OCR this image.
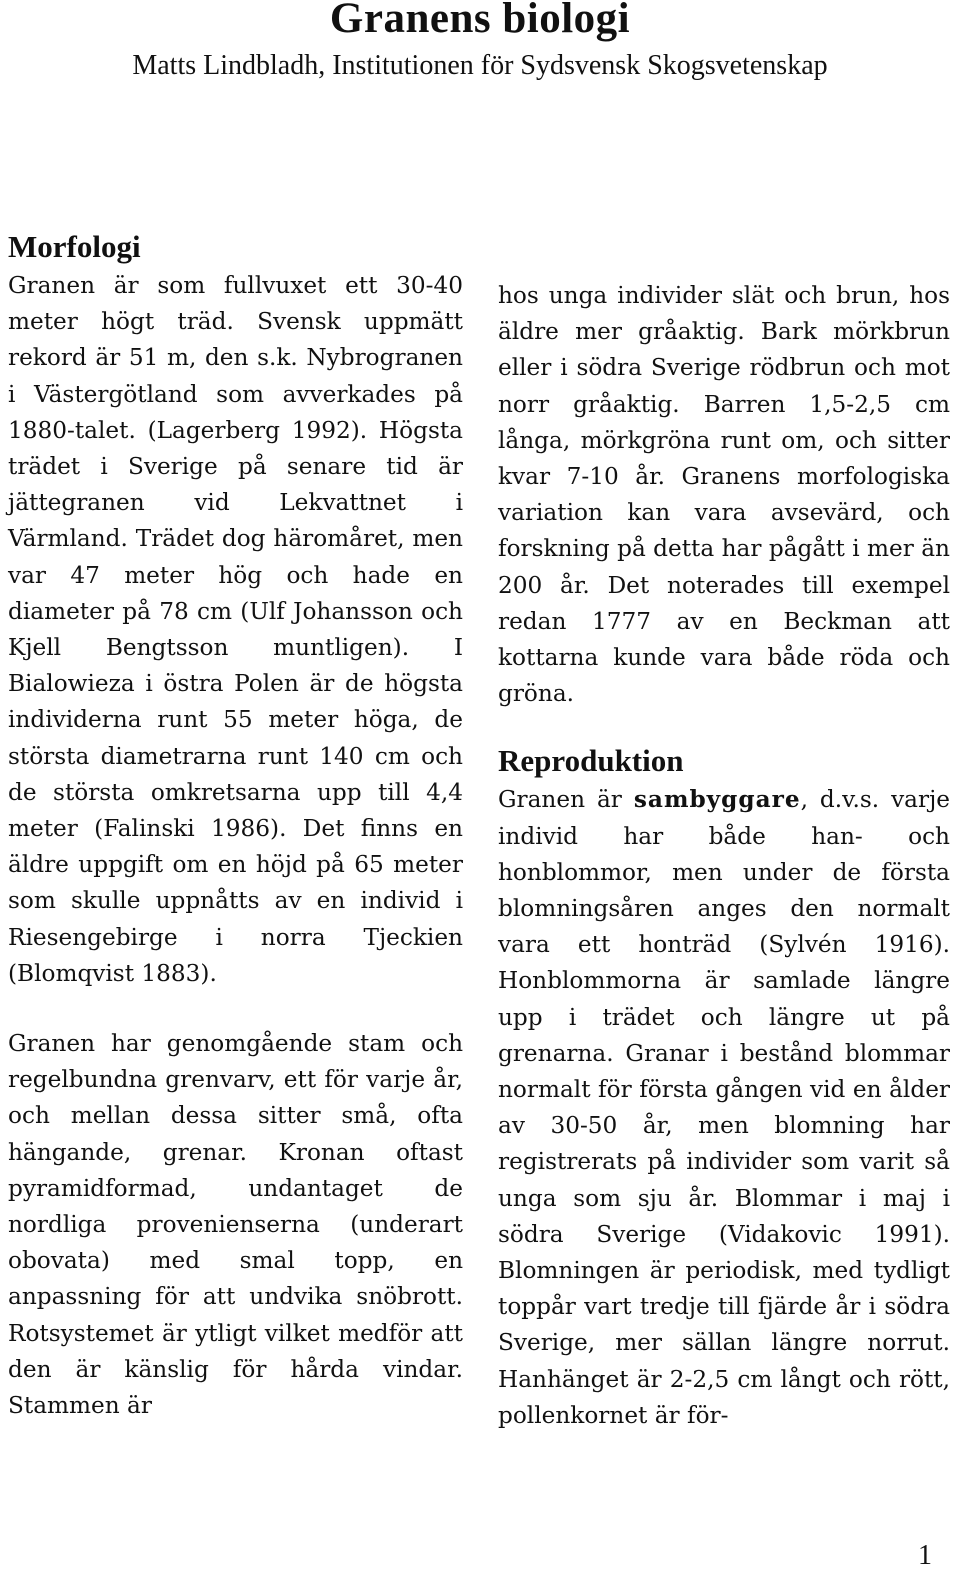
Granens biologi
Matts Lindbladh, Institutionen för Sydsvensk Skogsvetenskap
Morfologi

Granen är som fullvuxet ett 30-40 meter högt träd. Svensk uppmätt rekord är 51 m, den s.k. Nybrogranen i Västergötland som avverkades på 1880-talet. (Lagerberg 1992). Högsta trädet i Sverige på senare tid är jättegranen vid Lekvattnet i Värmland. Trädet dog häromåret, men var 47 meter hög och hade en diameter på 78 cm (Ulf Johansson och Kjell Bengtsson muntligen). I Bialowieza i östra Polen är de högsta individerna runt 55 meter höga, de största diametrarna runt 140 cm och de största omkretsarna upp till 4,4 meter (Falinski 1986). Det finns en äldre uppgift om en höjd på 65 meter som skulle uppnåtts av en individ i Riesengebirge i norra Tjeckien (Blomqvist 1883).

Granen har genomgående stam och regelbundna grenvarv, ett för varje år, och mellan dessa sitter små, ofta hängande, grenar. Kronan oftast pyramidformad, undantaget de nordliga provenienserna (underart obovata) med smal topp, en anpassning för att undvika snöbrott. Rotsystemet är ytligt vilket medför att den är känslig för hårda vindar. Stammen är

hos unga individer slät och brun, hos äldre mer gråaktig. Bark mörkbrun eller i södra Sverige rödbrun och mot norr gråaktig. Barren 1,5-2,5 cm långa, mörkgröna runt om, och sitter kvar 7-10 år. Granens morfologiska variation kan vara avsevärd, och forskning på detta har pågått i mer än 200 år. Det noterades till exempel redan 1777 av en Beckman att kottarna kunde vara både röda och gröna.

Reproduktion

Granen är sambyggare, d.v.s. varje individ har både han- och honblommor, men under de första blomningsåren anges den normalt vara ett honträd (Sylvén 1916). Honblommorna är samlade längre upp i trädet och längre ut på grenarna. Granar i bestånd blommar normalt för första gången vid en ålder av 30-50 år, men blomning har registrerats på individer som varit så unga som sju år. Blommar i maj i södra Sverige (Vidakovic 1991). Blomningen är periodisk, med tydligt toppår vart tredje till fjärde år i södra Sverige, mer sällan längre norrut. Hanhänget är 2-2,5 cm långt och rött, pollenkornet är för-

1
